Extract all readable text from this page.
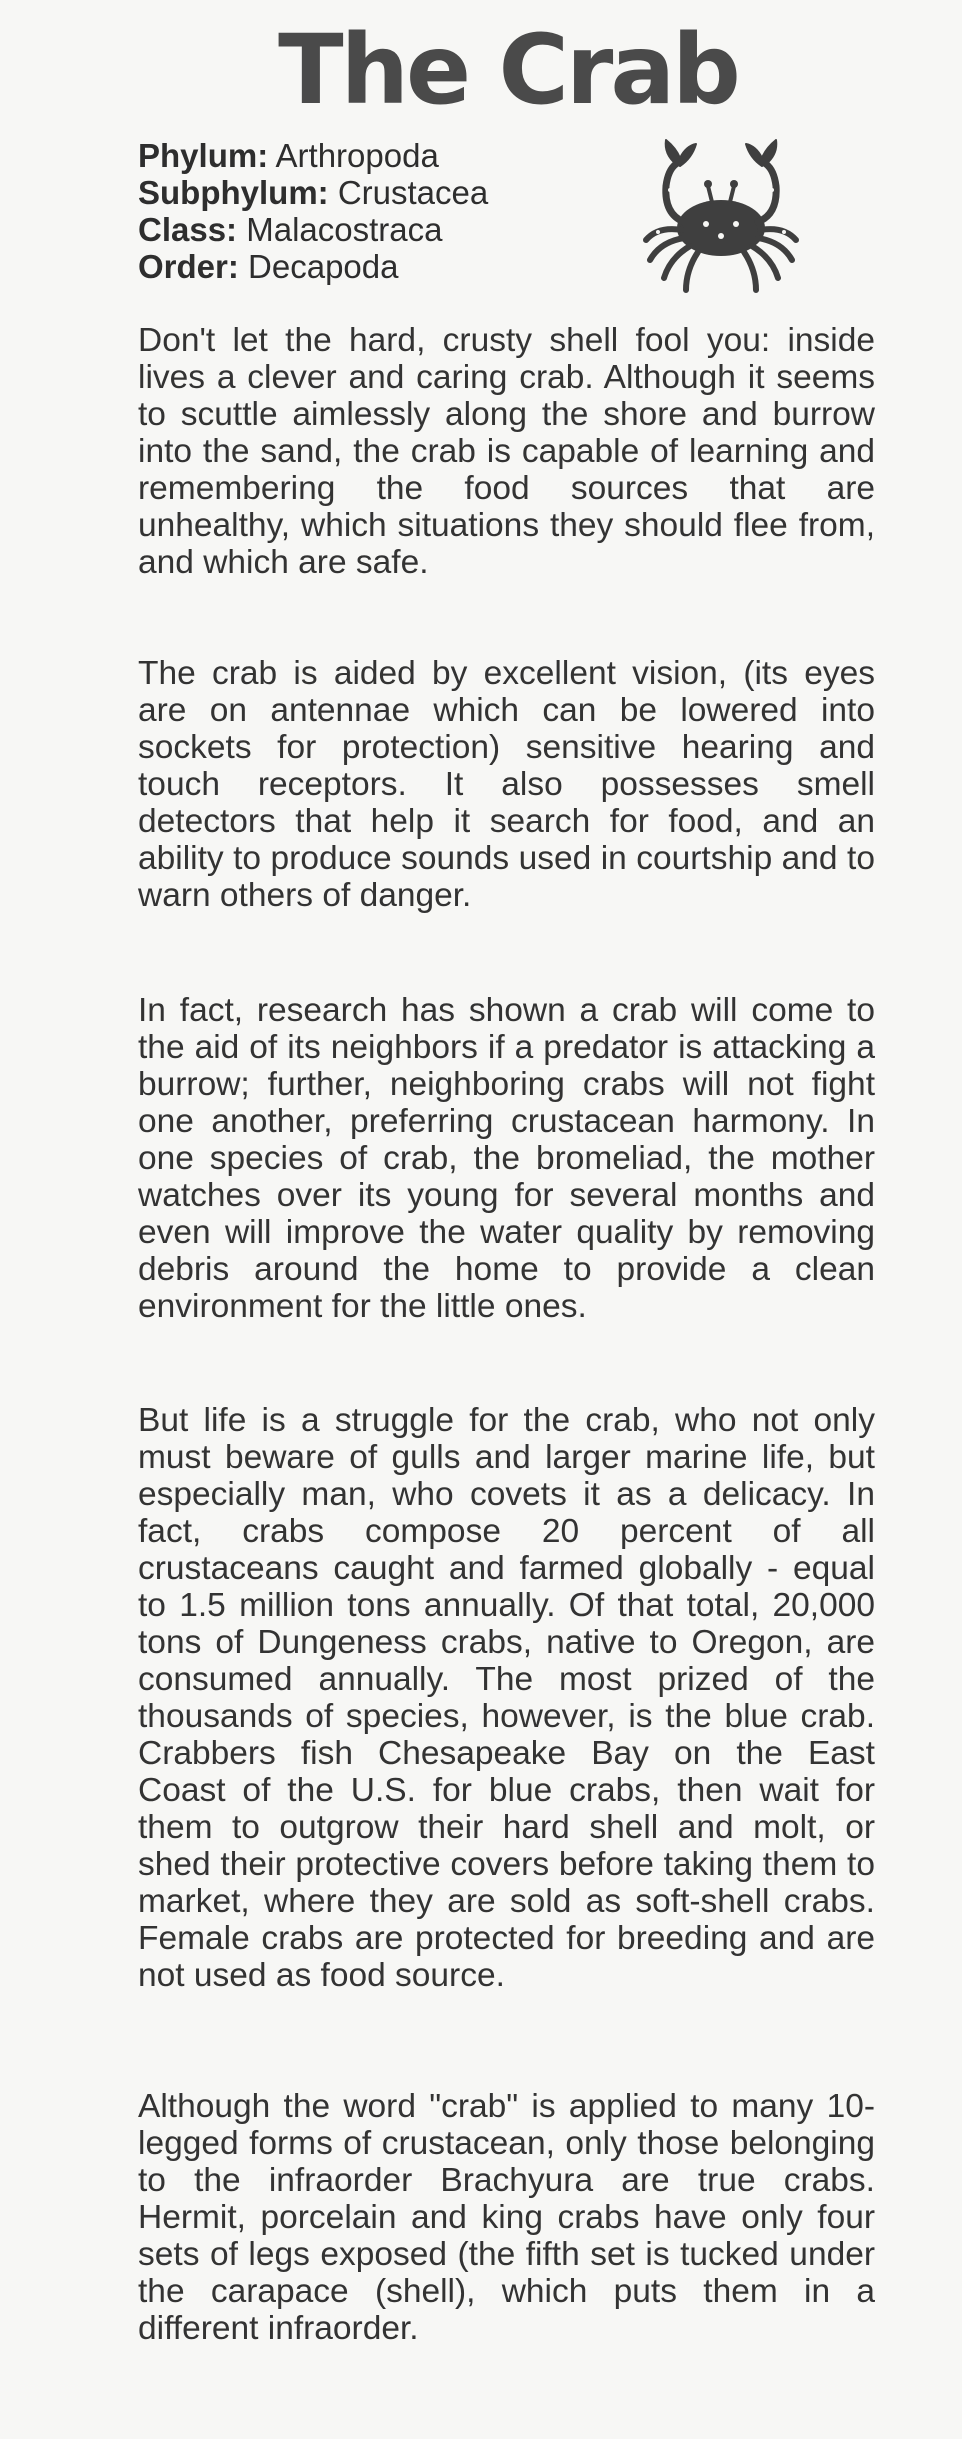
The Crab
Phylum: Arthropoda
Subphylum: Crustacea
Class: Malacostraca
Order: Decapoda

Don't let the hard, crusty shell fool you: inside lives a clever and caring crab. Although it seems to scuttle aimlessly along the shore and burrow into the sand, the crab is capable of learning and remembering the food sources that are unhealthy, which situations they should flee from, and which are safe.

The crab is aided by excellent vision, (its eyes are on antennae which can be lowered into sockets for protection) sensitive hearing and touch receptors. It also possesses smell detectors that help it search for food, and an ability to produce sounds used in courtship and to warn others of danger.

In fact, research has shown a crab will come to the aid of its neighbors if a predator is attacking a burrow; further, neighboring crabs will not fight one another, preferring crustacean harmony. In one species of crab, the bromeliad, the mother watches over its young for several months and even will improve the water quality by removing debris around the home to provide a clean environment for the little ones.

But life is a struggle for the crab, who not only must beware of gulls and larger marine life, but especially man, who covets it as a delicacy. In fact, crabs compose 20 percent of all crustaceans caught and farmed globally - equal to 1.5 million tons annually. Of that total, 20,000 tons of Dungeness crabs, native to Oregon, are consumed annually. The most prized of the thousands of species, however, is the blue crab. Crabbers fish Chesapeake Bay on the East Coast of the U.S. for blue crabs, then wait for them to outgrow their hard shell and molt, or shed their protective covers before taking them to market, where they are sold as soft-shell crabs. Female crabs are protected for breeding and are not used as food source.

Although the word "crab" is applied to many 10-legged forms of crustacean, only those belonging to the infraorder Brachyura are true crabs. Hermit, porcelain and king crabs have only four sets of legs exposed (the fifth set is tucked under the carapace (shell), which puts them in a different infraorder.
